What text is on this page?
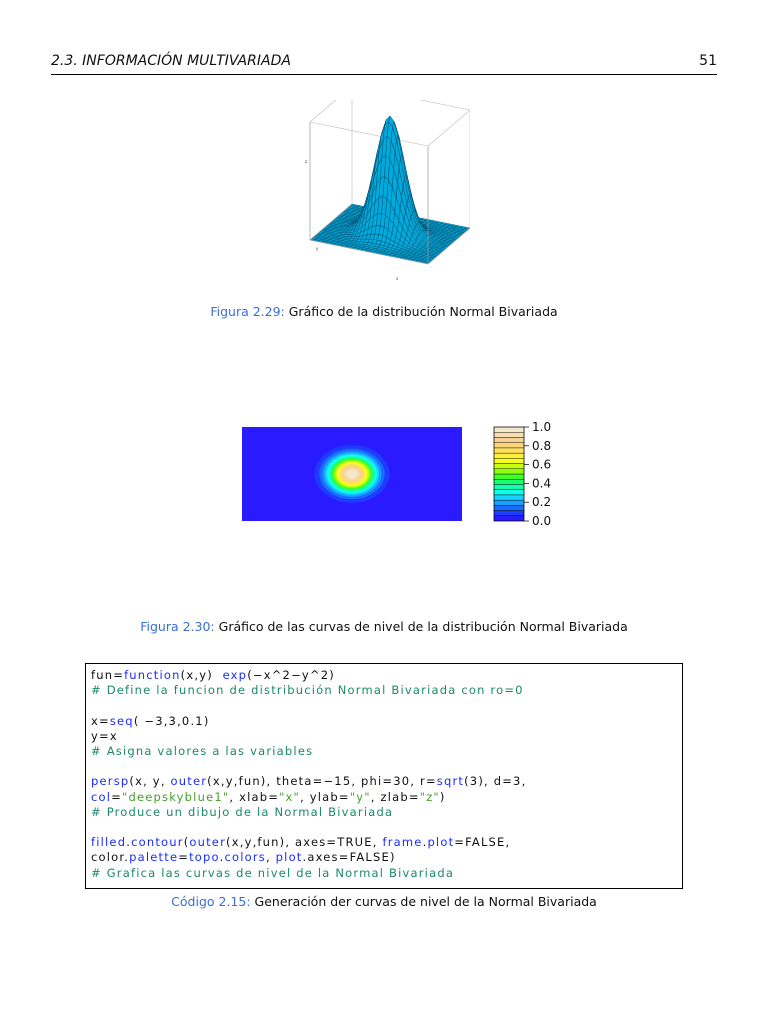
2.3. INFORMACIÓN MULTIVARIADA	51
z
y
x
Figura 2.29: Gráfico de la distribución Normal Bivariada
1.0
0.8
0.6
0.4
0.2
0.0
Figura 2.30: Gráfico de las curvas de nivel de la distribución Normal Bivariada
fun=function(x,y)  exp(−x^2−y^2)
# Define la funcion de distribución Normal Bivariada con ro=0
x=seq( −3,3,0.1)
y=x
# Asigna valores a las variables
persp(x, y, outer(x,y,fun), theta=−15, phi=30, r=sqrt(3), d=3,
col="deepskyblue1", xlab="x", ylab="y", zlab="z")
# Produce un dibujo de la Normal Bivariada
filled.contour(outer(x,y,fun), axes=TRUE, frame.plot=FALSE,
color.palette=topo.colors, plot.axes=FALSE)
# Grafica las curvas de nivel de la Normal Bivariada
Código 2.15: Generación der curvas de nivel de la Normal Bivariada
